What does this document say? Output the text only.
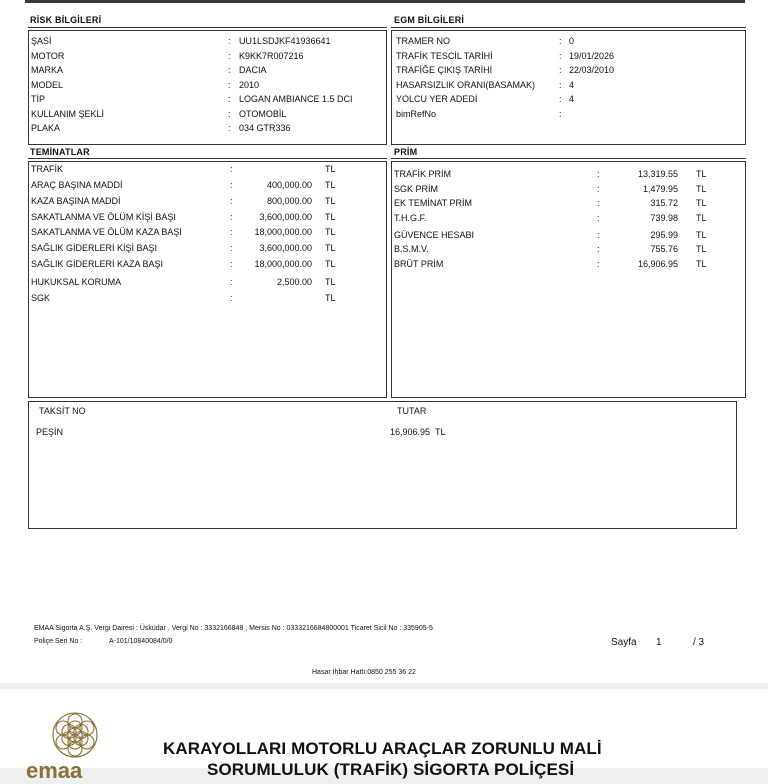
RİSK BİLGİLERİ
ŞASİ	: UU1LSDJKF41936641
MOTOR	: K9KK7R007216
MARKA	: DACIA
MODEL	: 2010
TİP	: LOGAN AMBIANCE 1.5 DCI
KULLANIM ŞEKLİ	: OTOMOBİL
PLAKA	: 034 GTR336
EGM BİLGİLERİ
TRAMER NO	: 0
TRAFİK TESCİL TARİHİ	: 19/01/2026
TRAFİĞE ÇIKIŞ TARİHİ	: 22/03/2010
HASARSIZLIK ORANI(BASAMAK)	: 4
YOLCU YER ADEDİ	: 4
bimRefNo	:
TEMİNATLAR
TRAFİK	:	TL
ARAÇ BAŞINA MADDİ	:	400,000.00 TL
KAZA BAŞINA MADDİ	:	800,000.00 TL
SAKATLANMA VE ÖLÜM KİŞİ BAŞI	:	3,600,000.00 TL
SAKATLANMA VE ÖLÜM KAZA BAŞI	:	18,000,000.00 TL
SAĞLIK GİDERLERİ KİŞİ BAŞI	:	3,600,000.00 TL
SAĞLIK GİDERLERİ KAZA BAŞI	:	18,000,000.00 TL
HUKUKSAL KORUMA	:	2,500.00 TL
SGK	:	TL
PRİM
TRAFİK PRİM	:	13,319.55 TL
SGK PRİM	:	1,479.95 TL
EK TEMİNAT PRİM	:	315.72 TL
T.H.G.F.	:	739.98 TL
GÜVENCE HESABI	:	295.99 TL
B.S.M.V.	:	755.76 TL
BRÜT PRİM	:	16,906.95 TL
TAKSİT NO	TUTAR
PEŞİN	16,906.95 TL
EMAA Sigorta A.Ş. Vergi Dairesi : Üsküdar , Vergi No : 3332166848 , Mersis No : 0333216684800001 Ticaret Sicil No : 335905-5
Poliçe Seri No :	A-101/10840084/0/0	Sayfa 1	/ 3
Hasar İhbar Hattı:0850 255 36 22
emaa
KARAYOLLARI MOTORLU ARAÇLAR ZORUNLU MALİ
SORUMLULUK (TRAFİK) SİGORTA POLİÇESİ
